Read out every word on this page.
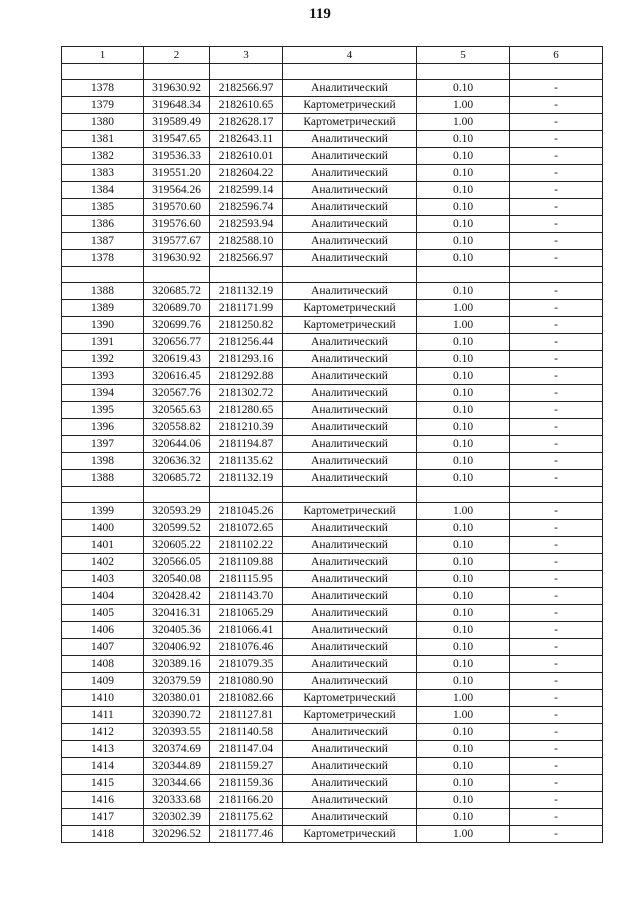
119
1	2	3	4	5	6

1378	319630.92	2182566.97	Аналитический	0.10	-
1379	319648.34	2182610.65	Картометрический	1.00	-
1380	319589.49	2182628.17	Картометрический	1.00	-
1381	319547.65	2182643.11	Аналитический	0.10	-
1382	319536.33	2182610.01	Аналитический	0.10	-
1383	319551.20	2182604.22	Аналитический	0.10	-
1384	319564.26	2182599.14	Аналитический	0.10	-
1385	319570.60	2182596.74	Аналитический	0.10	-
1386	319576.60	2182593.94	Аналитический	0.10	-
1387	319577.67	2182588.10	Аналитический	0.10	-
1378	319630.92	2182566.97	Аналитический	0.10	-

1388	320685.72	2181132.19	Аналитический	0.10	-
1389	320689.70	2181171.99	Картометрический	1.00	-
1390	320699.76	2181250.82	Картометрический	1.00	-
1391	320656.77	2181256.44	Аналитический	0.10	-
1392	320619.43	2181293.16	Аналитический	0.10	-
1393	320616.45	2181292.88	Аналитический	0.10	-
1394	320567.76	2181302.72	Аналитический	0.10	-
1395	320565.63	2181280.65	Аналитический	0.10	-
1396	320558.82	2181210.39	Аналитический	0.10	-
1397	320644.06	2181194.87	Аналитический	0.10	-
1398	320636.32	2181135.62	Аналитический	0.10	-
1388	320685.72	2181132.19	Аналитический	0.10	-

1399	320593.29	2181045.26	Картометрический	1.00	-
1400	320599.52	2181072.65	Аналитический	0.10	-
1401	320605.22	2181102.22	Аналитический	0.10	-
1402	320566.05	2181109.88	Аналитический	0.10	-
1403	320540.08	2181115.95	Аналитический	0.10	-
1404	320428.42	2181143.70	Аналитический	0.10	-
1405	320416.31	2181065.29	Аналитический	0.10	-
1406	320405.36	2181066.41	Аналитический	0.10	-
1407	320406.92	2181076.46	Аналитический	0.10	-
1408	320389.16	2181079.35	Аналитический	0.10	-
1409	320379.59	2181080.90	Аналитический	0.10	-
1410	320380.01	2181082.66	Картометрический	1.00	-
1411	320390.72	2181127.81	Картометрический	1.00	-
1412	320393.55	2181140.58	Аналитический	0.10	-
1413	320374.69	2181147.04	Аналитический	0.10	-
1414	320344.89	2181159.27	Аналитический	0.10	-
1415	320344.66	2181159.36	Аналитический	0.10	-
1416	320333.68	2181166.20	Аналитический	0.10	-
1417	320302.39	2181175.62	Аналитический	0.10	-
1418	320296.52	2181177.46	Картометрический	1.00	-
